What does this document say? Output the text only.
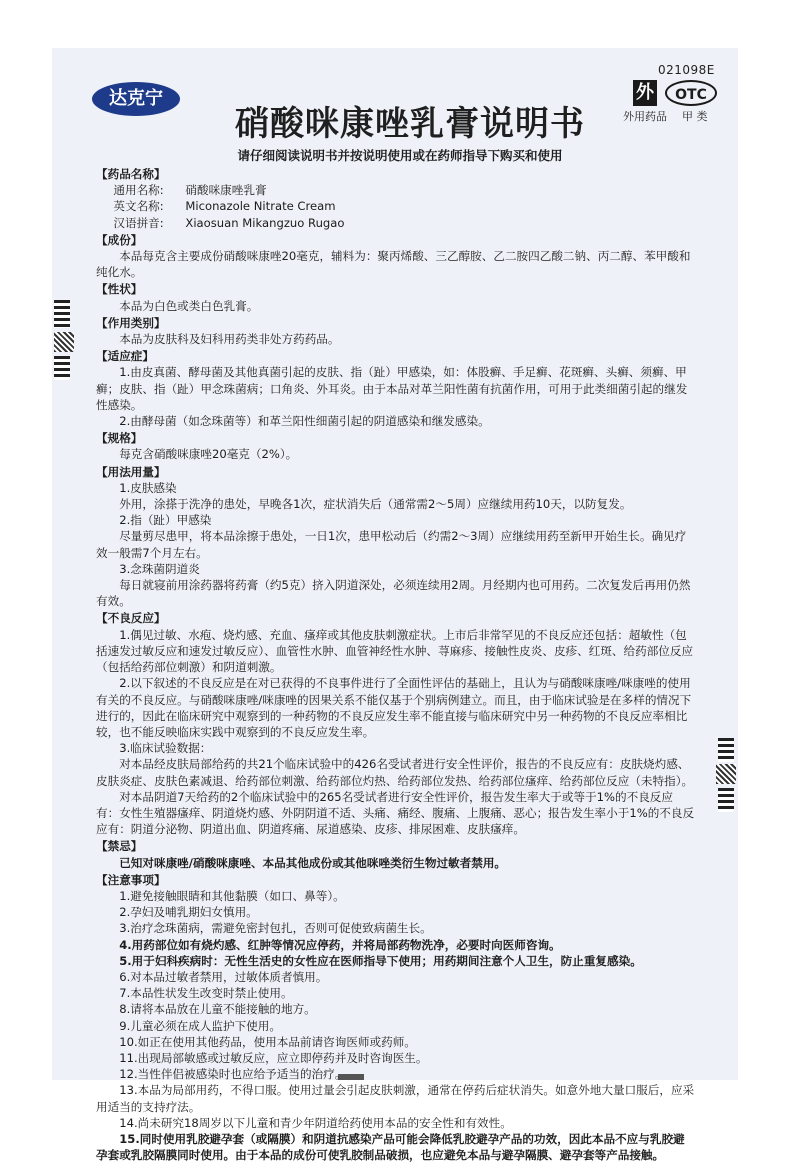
021098E
达克宁
硝酸咪康唑乳膏说明书
外	OTC
外用药品 甲 类
请仔细阅读说明书并按说明使用或在药师指导下购买和使用
【药品名称】
通用名称:	硝酸咪康唑乳膏
英文名称:	Miconazole Nitrate Cream
汉语拼音:	Xiaosuan Mikangzuo Rugao
【成份】

本品每克含主要成份硝酸咪康唑20毫克，辅料为：聚丙烯酸、三乙醇胺、乙二胺四乙酸二钠、丙二醇、苯甲酸和纯化水。

【性状】

本品为白色或类白色乳膏。

【作用类别】

本品为皮肤科及妇科用药类非处方药药品。

【适应症】

1.由皮真菌、酵母菌及其他真菌引起的皮肤、指（趾）甲感染，如：体股癣、手足癣、花斑癣、头癣、须癣、甲癣；皮肤、指（趾）甲念珠菌病；口角炎、外耳炎。由于本品对革兰阳性菌有抗菌作用，可用于此类细菌引起的继发性感染。

2.由酵母菌（如念珠菌等）和革兰阳性细菌引起的阴道感染和继发感染。

【规格】

每克含硝酸咪康唑20毫克（2%）。

【用法用量】

1.皮肤感染

外用，涂搽于洗净的患处，早晚各1次，症状消失后（通常需2～5周）应继续用药10天，以防复发。

2.指（趾）甲感染

尽量剪尽患甲，将本品涂擦于患处，一日1次，患甲松动后（约需2～3周）应继续用药至新甲开始生长。确见疗效一般需7个月左右。

3.念珠菌阴道炎

每日就寝前用涂药器将药膏（约5克）挤入阴道深处，必须连续用2周。月经期内也可用药。二次复发后再用仍然有效。

【不良反应】

1.偶见过敏、水疱、烧灼感、充血、瘙痒或其他皮肤刺激症状。上市后非常罕见的不良反应还包括：超敏性（包括速发过敏反应和速发过敏反应）、血管性水肿、血管神经性水肿、荨麻疹、接触性皮炎、皮疹、红斑、给药部位反应（包括给药部位刺激）和阴道刺激。

2.以下叙述的不良反应是在对已获得的不良事件进行了全面性评估的基础上，且认为与硝酸咪康唑/咪康唑的使用有关的不良反应。与硝酸咪康唑/咪康唑的因果关系不能仅基于个别病例建立。而且，由于临床试验是在多样的情况下进行的，因此在临床研究中观察到的一种药物的不良反应发生率不能直接与临床研究中另一种药物的不良反应率相比较，也不能反映临床实践中观察到的不良反应发生率。

3.临床试验数据：

对本品经皮肤局部给药的共21个临床试验中的426名受试者进行安全性评价，报告的不良反应有：皮肤烧灼感、皮肤炎症、皮肤色素减退、给药部位刺激、给药部位灼热、给药部位发热、给药部位瘙痒、给药部位反应（未特指）。

对本品阴道7天给药的2个临床试验中的265名受试者进行安全性评价，报告发生率大于或等于1%的不良反应有：女性生殖器瘙痒、阴道烧灼感、外阴阴道不适、头痛、痛经、腹痛、上腹痛、恶心；报告发生率小于1%的不良反应有：阴道分泌物、阴道出血、阴道疼痛、尿道感染、皮疹、排尿困难、皮肤瘙痒。

【禁忌】

已知对咪康唑/硝酸咪康唑、本品其他成份或其他咪唑类衍生物过敏者禁用。

【注意事项】

1.避免接触眼睛和其他黏膜（如口、鼻等）。

2.孕妇及哺乳期妇女慎用。

3.治疗念珠菌病，需避免密封包扎，否则可促使致病菌生长。

4.用药部位如有烧灼感、红肿等情况应停药，并将局部药物洗净，必要时向医师咨询。

5.用于妇科疾病时：无性生活史的女性应在医师指导下使用；用药期间注意个人卫生，防止重复感染。

6.对本品过敏者禁用，过敏体质者慎用。

7.本品性状发生改变时禁止使用。

8.请将本品放在儿童不能接触的地方。

9.儿童必须在成人监护下使用。

10.如正在使用其他药品，使用本品前请咨询医师或药师。

11.出现局部敏感或过敏反应，应立即停药并及时咨询医生。

12.当性伴侣被感染时也应给予适当的治疗。

13.本品为局部用药，不得口服。使用过量会引起皮肤刺激，通常在停药后症状消失。如意外地大量口服后，应采用适当的支持疗法。

14.尚未研究18周岁以下儿童和青少年阴道给药使用本品的安全性和有效性。

15.同时使用乳胶避孕套（或隔膜）和阴道抗感染产品可能会降低乳胶避孕产品的功效，因此本品不应与乳胶避孕套或乳胶隔膜同时使用。由于本品的成份可使乳胶制品破损，也应避免本品与避孕隔膜、避孕套等产品接触。
